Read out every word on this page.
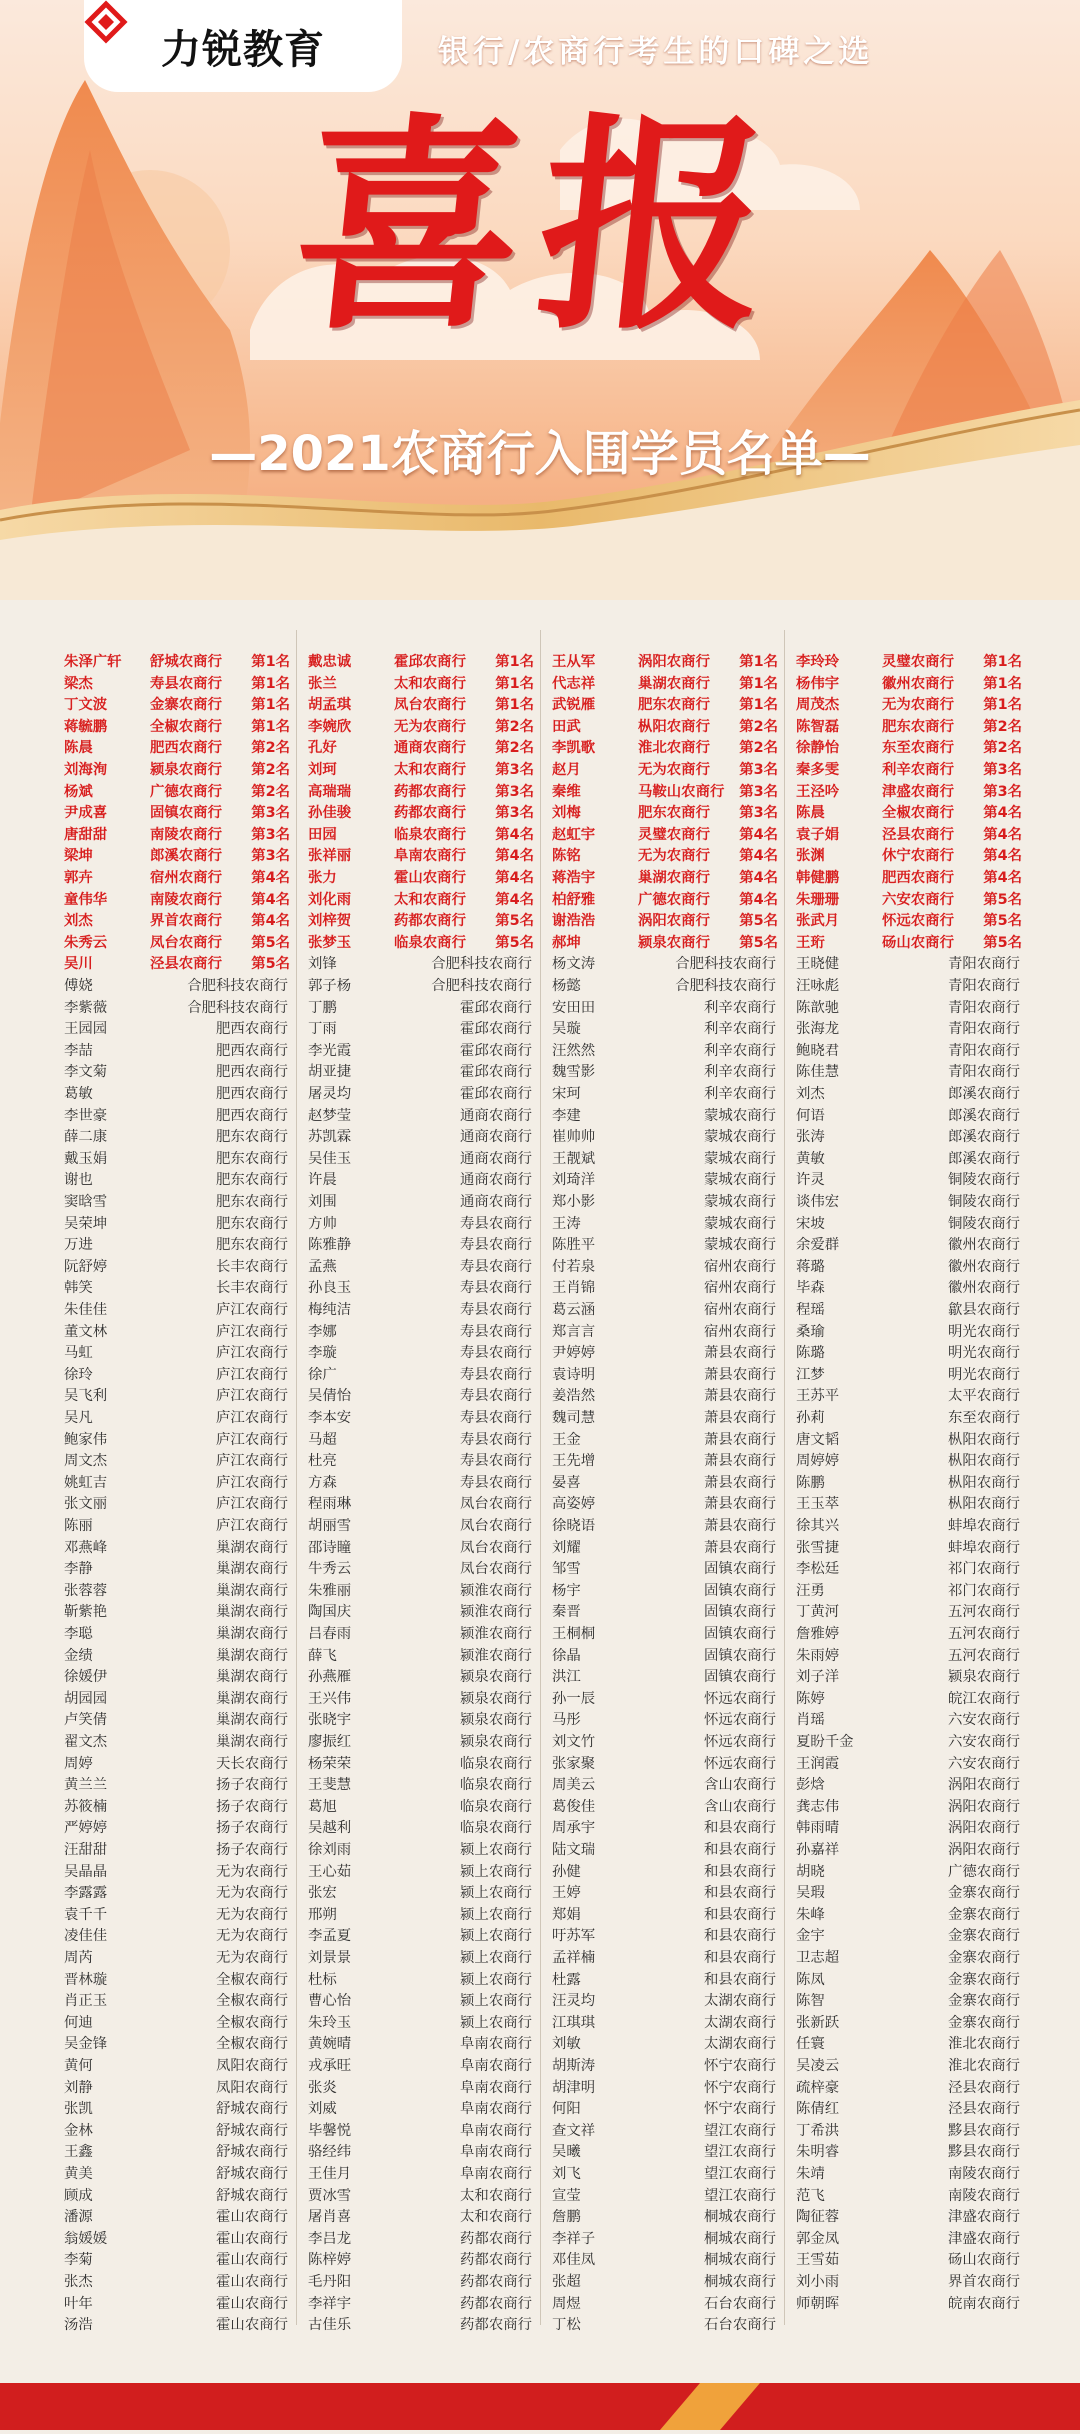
力锐教育	银行/农商行考生的口碑之选
喜报
—2021农商行入围学员名单—
朱泽广轩	舒城农商行	第1名
梁杰	寿县农商行	第1名
丁文波	金寨农商行	第1名
蒋毓鹏	全椒农商行	第1名
陈晨	肥西农商行	第2名
刘海洵	颍泉农商行	第2名
杨斌	广德农商行	第2名
尹成喜	固镇农商行	第3名
唐甜甜	南陵农商行	第3名
梁坤	郎溪农商行	第3名
郭卉	宿州农商行	第4名
童伟华	南陵农商行	第4名
刘杰	界首农商行	第4名
朱秀云	凤台农商行	第5名
吴川	泾县农商行	第5名
傅娆	合肥科技农商行
李紫薇	合肥科技农商行
王园园	肥西农商行
李喆	肥西农商行
李文菊	肥西农商行
葛敏	肥西农商行
李世豪	肥西农商行
薛二康	肥东农商行
戴玉娟	肥东农商行
谢也	肥东农商行
窦晗雪	肥东农商行
吴荣坤	肥东农商行
万进	肥东农商行
阮舒婷	长丰农商行
韩笑	长丰农商行
朱佳佳	庐江农商行
董文林	庐江农商行
马虹	庐江农商行
徐玲	庐江农商行
吴飞利	庐江农商行
吴凡	庐江农商行
鲍家伟	庐江农商行
周文杰	庐江农商行
姚虹吉	庐江农商行
张文丽	庐江农商行
陈丽	庐江农商行
邓燕峰	巢湖农商行
李静	巢湖农商行
张蓉蓉	巢湖农商行
靳紫艳	巢湖农商行
李聪	巢湖农商行
金绩	巢湖农商行
徐媛伊	巢湖农商行
胡园园	巢湖农商行
卢笑倩	巢湖农商行
翟文杰	巢湖农商行
周婷	天长农商行
黄兰兰	扬子农商行
苏筱楠	扬子农商行
严婷婷	扬子农商行
汪甜甜	扬子农商行
吴晶晶	无为农商行
李露露	无为农商行
袁千千	无为农商行
凌佳佳	无为农商行
周芮	无为农商行
晋林璇	全椒农商行
肖正玉	全椒农商行
何迪	全椒农商行
吴金锋	全椒农商行
黄何	凤阳农商行
刘静	凤阳农商行
张凯	舒城农商行
金林	舒城农商行
王鑫	舒城农商行
黄美	舒城农商行
顾成	舒城农商行
潘源	霍山农商行
翁媛媛	霍山农商行
李菊	霍山农商行
张杰	霍山农商行
叶年	霍山农商行
汤浩	霍山农商行
戴忠诚	霍邱农商行	第1名
张兰	太和农商行	第1名
胡孟琪	凤台农商行	第1名
李婉欣	无为农商行	第2名
孔好	通商农商行	第2名
刘珂	太和农商行	第3名
高瑞瑞	药都农商行	第3名
孙佳骏	药都农商行	第3名
田园	临泉农商行	第4名
张祥丽	阜南农商行	第4名
张力	霍山农商行	第4名
刘化雨	太和农商行	第4名
刘梓贺	药都农商行	第5名
张梦玉	临泉农商行	第5名
刘锋	合肥科技农商行
郭子杨	合肥科技农商行
丁鹏	霍邱农商行
丁雨	霍邱农商行
李光霞	霍邱农商行
胡亚捷	霍邱农商行
屠灵均	霍邱农商行
赵梦莹	通商农商行
苏凯霖	通商农商行
吴佳玉	通商农商行
许晨	通商农商行
刘围	通商农商行
方帅	寿县农商行
陈雅静	寿县农商行
孟燕	寿县农商行
孙良玉	寿县农商行
梅纯洁	寿县农商行
李娜	寿县农商行
李璇	寿县农商行
徐广	寿县农商行
吴倩怡	寿县农商行
李本安	寿县农商行
马超	寿县农商行
杜亮	寿县农商行
方森	寿县农商行
程雨琳	凤台农商行
胡丽雪	凤台农商行
邵诗瞳	凤台农商行
牛秀云	凤台农商行
朱雅丽	颍淮农商行
陶国庆	颍淮农商行
吕春雨	颍淮农商行
薛飞	颍淮农商行
孙燕雁	颍泉农商行
王兴伟	颍泉农商行
张晓宇	颍泉农商行
廖振红	颍泉农商行
杨荣荣	临泉农商行
王斐慧	临泉农商行
葛旭	临泉农商行
吴越利	临泉农商行
徐刘雨	颍上农商行
王心茹	颍上农商行
张宏	颍上农商行
邢朔	颍上农商行
李孟夏	颍上农商行
刘景景	颍上农商行
杜标	颍上农商行
曹心怡	颍上农商行
朱玲玉	颍上农商行
黄婉晴	阜南农商行
戎承旺	阜南农商行
张炎	阜南农商行
刘威	阜南农商行
毕馨悦	阜南农商行
骆经纬	阜南农商行
王佳月	阜南农商行
贾冰雪	太和农商行
屠肖喜	太和农商行
李吕龙	药都农商行
陈梓婷	药都农商行
毛丹阳	药都农商行
李祥宇	药都农商行
古佳乐	药都农商行
王从军	涡阳农商行	第1名
代志祥	巢湖农商行	第1名
武锐雁	肥东农商行	第1名
田武	枞阳农商行	第2名
李凯歌	淮北农商行	第2名
赵月	无为农商行	第3名
秦维	马鞍山农商行	第3名
刘梅	肥东农商行	第3名
赵虹宇	灵璧农商行	第4名
陈铭	无为农商行	第4名
蒋浩宇	巢湖农商行	第4名
柏舒雅	广德农商行	第4名
谢浩浩	涡阳农商行	第5名
郝坤	颍泉农商行	第5名
杨文涛	合肥科技农商行
杨懿	合肥科技农商行
安田田	利辛农商行
吴璇	利辛农商行
汪然然	利辛农商行
魏雪影	利辛农商行
宋珂	利辛农商行
李建	蒙城农商行
崔帅帅	蒙城农商行
王靓斌	蒙城农商行
刘琦洋	蒙城农商行
郑小影	蒙城农商行
王涛	蒙城农商行
陈胜平	蒙城农商行
付若泉	宿州农商行
王肖锦	宿州农商行
葛云涵	宿州农商行
郑言言	宿州农商行
尹婷婷	萧县农商行
袁诗明	萧县农商行
姜浩然	萧县农商行
魏司慧	萧县农商行
王金	萧县农商行
王先增	萧县农商行
晏喜	萧县农商行
高姿婷	萧县农商行
徐晓语	萧县农商行
刘耀	萧县农商行
邹雪	固镇农商行
杨宇	固镇农商行
秦晋	固镇农商行
王桐桐	固镇农商行
徐晶	固镇农商行
洪江	固镇农商行
孙一辰	怀远农商行
马彤	怀远农商行
刘文竹	怀远农商行
张家聚	怀远农商行
周美云	含山农商行
葛俊佳	含山农商行
周承宇	和县农商行
陆文瑞	和县农商行
孙健	和县农商行
王婷	和县农商行
郑娟	和县农商行
吁苏军	和县农商行
孟祥楠	和县农商行
杜露	和县农商行
汪灵均	太湖农商行
江琪琪	太湖农商行
刘敏	太湖农商行
胡斯涛	怀宁农商行
胡津明	怀宁农商行
何阳	怀宁农商行
查文祥	望江农商行
吴曦	望江农商行
刘飞	望江农商行
宣莹	望江农商行
詹鹏	桐城农商行
李祥子	桐城农商行
邓佳凤	桐城农商行
张超	桐城农商行
周煜	石台农商行
丁松	石台农商行
李玲玲	灵璧农商行	第1名
杨伟宇	徽州农商行	第1名
周茂杰	无为农商行	第1名
陈智磊	肥东农商行	第2名
徐静怡	东至农商行	第2名
秦多雯	利辛农商行	第3名
王泾吟	津盛农商行	第3名
陈晨	全椒农商行	第4名
袁子娟	泾县农商行	第4名
张渊	休宁农商行	第4名
韩健鹏	肥西农商行	第4名
朱珊珊	六安农商行	第5名
张武月	怀远农商行	第5名
王珩	砀山农商行	第5名
王晓健	青阳农商行
汪咏彪	青阳农商行
陈歆驰	青阳农商行
张海龙	青阳农商行
鲍晓君	青阳农商行
陈佳慧	青阳农商行
刘杰	郎溪农商行
何语	郎溪农商行
张涛	郎溪农商行
黄敏	郎溪农商行
许灵	铜陵农商行
谈伟宏	铜陵农商行
宋坡	铜陵农商行
余爱群	徽州农商行
蒋璐	徽州农商行
毕森	徽州农商行
程瑶	歙县农商行
桑瑜	明光农商行
陈璐	明光农商行
江梦	明光农商行
王苏平	太平农商行
孙莉	东至农商行
唐文韬	枞阳农商行
周婷婷	枞阳农商行
陈鹏	枞阳农商行
王玉萃	枞阳农商行
徐其兴	蚌埠农商行
张雪捷	蚌埠农商行
李松廷	祁门农商行
汪勇	祁门农商行
丁黄河	五河农商行
詹雅婷	五河农商行
朱雨婷	五河农商行
刘子洋	颍泉农商行
陈婷	皖江农商行
肖瑶	六安农商行
夏盼千金	六安农商行
王润霞	六安农商行
彭焓	涡阳农商行
龚志伟	涡阳农商行
韩雨晴	涡阳农商行
孙嘉祥	涡阳农商行
胡晓	广德农商行
吴瑕	金寨农商行
朱峰	金寨农商行
金宇	金寨农商行
卫志超	金寨农商行
陈凤	金寨农商行
陈智	金寨农商行
张新跃	金寨农商行
任寰	淮北农商行
吴凌云	淮北农商行
疏梓豪	泾县农商行
陈倩红	泾县农商行
丁希洪	黟县农商行
朱明睿	黟县农商行
朱靖	南陵农商行
范飞	南陵农商行
陶征蓉	津盛农商行
郭金凤	津盛农商行
王雪茹	砀山农商行
刘小雨	界首农商行
师朝晖	皖南农商行
